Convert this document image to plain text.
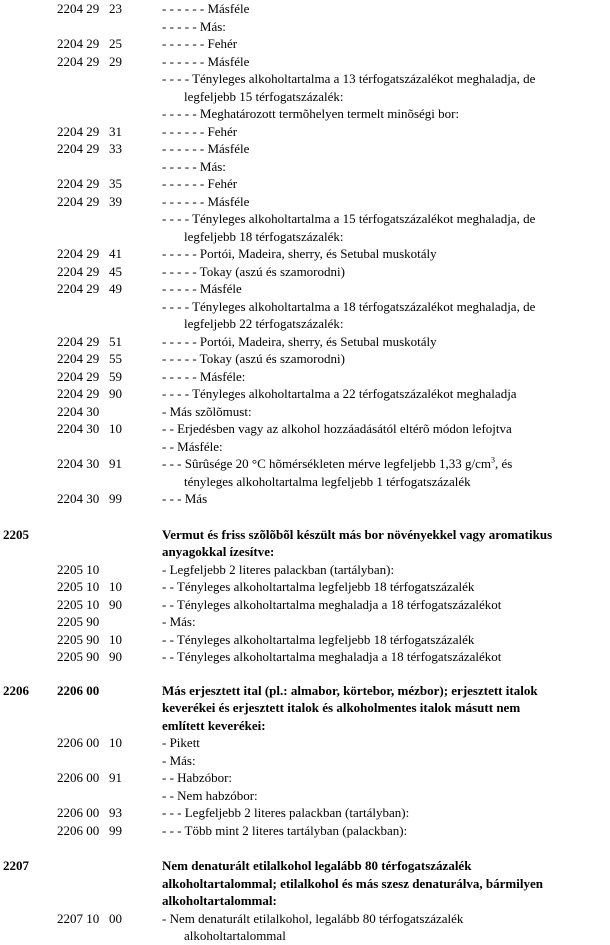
2204 29   23	- - - - - - Másféle
- - - - - Más:
2204 29   25	- - - - - - Fehér
2204 29   29	- - - - - - Másféle
- - - - Tényleges alkoholtartalma a 13 térfogatszázalékot meghaladja, de
legfeljebb 15 térfogatszázalék:
- - - - - Meghatározott termõhelyen termelt minõségi bor:
2204 29   31	- - - - - - Fehér
2204 29   33	- - - - - - Másféle
- - - - - Más:
2204 29   35	- - - - - - Fehér
2204 29   39	- - - - - - Másféle
- - - - Tényleges alkoholtartalma a 15 térfogatszázalékot meghaladja, de
legfeljebb 18 térfogatszázalék:
2204 29   41	- - - - - Portói, Madeira, sherry, és Setubal muskotály
2204 29   45	- - - - - Tokay (aszú és szamorodni)
2204 29   49	- - - - - Másféle
- - - - Tényleges alkoholtartalma a 18 térfogatszázalékot meghaladja, de
legfeljebb 22 térfogatszázalék:
2204 29   51	- - - - - Portói, Madeira, sherry, és Setubal muskotály
2204 29   55	- - - - - Tokay (aszú és szamorodni)
2204 29   59	- - - - - Másféle:
2204 29   90	- - - - Tényleges alkoholtartalma a 22 térfogatszázalékot meghaladja
2204 30	- Más szõlõmust:
2204 30   10	- - Erjedésben vagy az alkohol hozzáadásától eltérõ módon lefojtva
- - Másféle:
2204 30   91	- - - Sûrûsége 20 °C hõmérsékleten mérve legfeljebb 1,33 $g/cm^3$, és
tényleges alkoholtartalma legfeljebb 1 térfogatszázalék
2204 30   99	- - - Más
2205	Vermut és friss szõlõbõl készült más bor növényekkel vagy aromatikus
anyagokkal ízesítve:
2205 10	- Legfeljebb 2 literes palackban (tartályban):
2205 10   10	- - Tényleges alkoholtartalma legfeljebb 18 térfogatszázalék
2205 10   90	- - Tényleges alkoholtartalma meghaladja a 18 térfogatszázalékot
2205 90	- Más:
2205 90   10	- - Tényleges alkoholtartalma legfeljebb 18 térfogatszázalék
2205 90   90	- - Tényleges alkoholtartalma meghaladja a 18 térfogatszázalékot
2206 2206 00	Más erjesztett ital (pl.: almabor, körtebor, mézbor); erjesztett italok
keverékei és erjesztett italok és alkoholmentes italok másutt nem
említett keverékei:
2206 00   10	- Pikett
- Más:
2206 00   91	- - Habzóbor:
- - Nem habzóbor:
2206 00   93	- - - Legfeljebb 2 literes palackban (tartályban):
2206 00   99	- - - Több mint 2 literes tartályban (palackban):
2207	Nem denaturált etilalkohol legalább 80 térfogatszázalék
alkoholtartalommal; etilalkohol és más szesz denaturálva, bármilyen
alkoholtartalommal:
2207 10   00	- Nem denaturált etilalkohol, legalább 80 térfogatszázalék
alkoholtartalommal
